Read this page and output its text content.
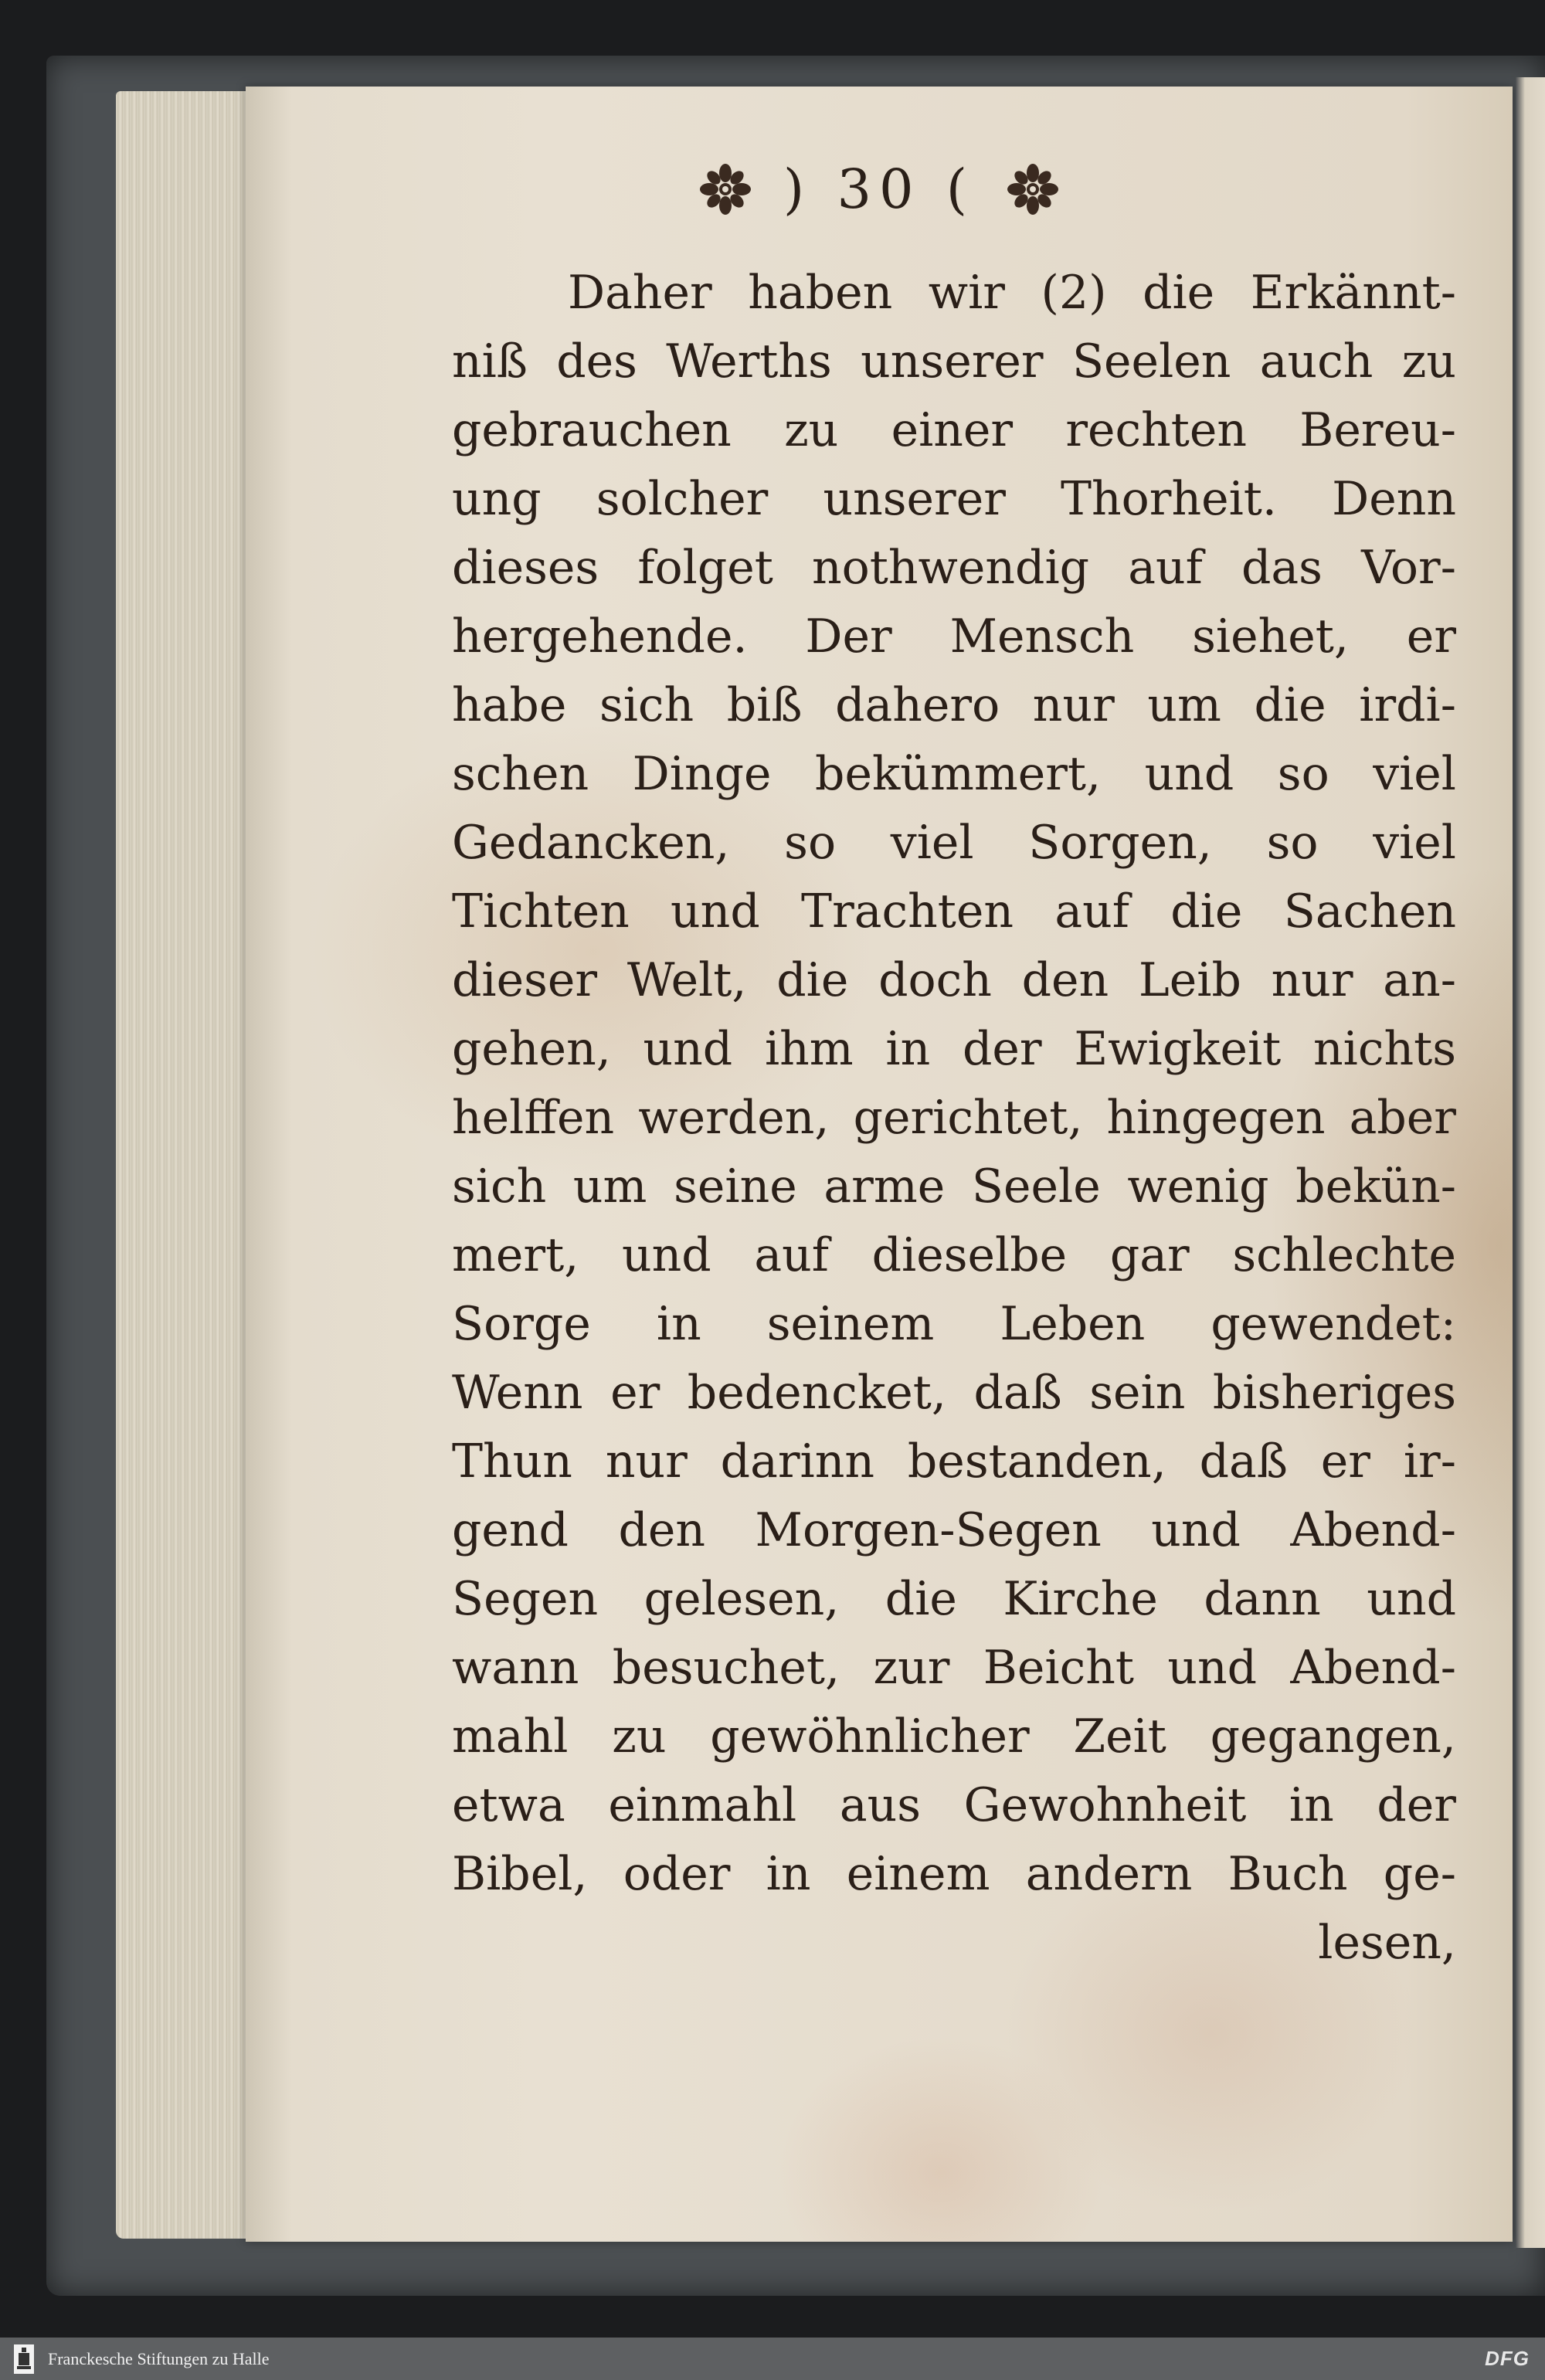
) 30 (
Daher haben wir (2) die Erkännt-
niß des Werths unserer Seelen auch zu
gebrauchen zu einer rechten Bereu-
ung solcher unserer Thorheit. Denn
dieses folget nothwendig auf das Vor-
hergehende. Der Mensch siehet, er
habe sich biß dahero nur um die irdi-
schen Dinge bekümmert, und so viel
Gedancken, so viel Sorgen, so viel
Tichten und Trachten auf die Sachen
dieser Welt, die doch den Leib nur an-
gehen, und ihm in der Ewigkeit nichts
helffen werden, gerichtet, hingegen aber
sich um seine arme Seele wenig bekün-
mert, und auf dieselbe gar schlechte
Sorge in seinem Leben gewendet:
Wenn er bedencket, daß sein bisheriges
Thun nur darinn bestanden, daß er ir-
gend den Morgen-Segen und Abend-
Segen gelesen, die Kirche dann und
wann besuchet, zur Beicht und Abend-
mahl zu gewöhnlicher Zeit gegangen,
etwa einmahl aus Gewohnheit in der
Bibel, oder in einem andern Buch ge-
lesen,
Franckesche Stiftungen zu Halle	DFG
